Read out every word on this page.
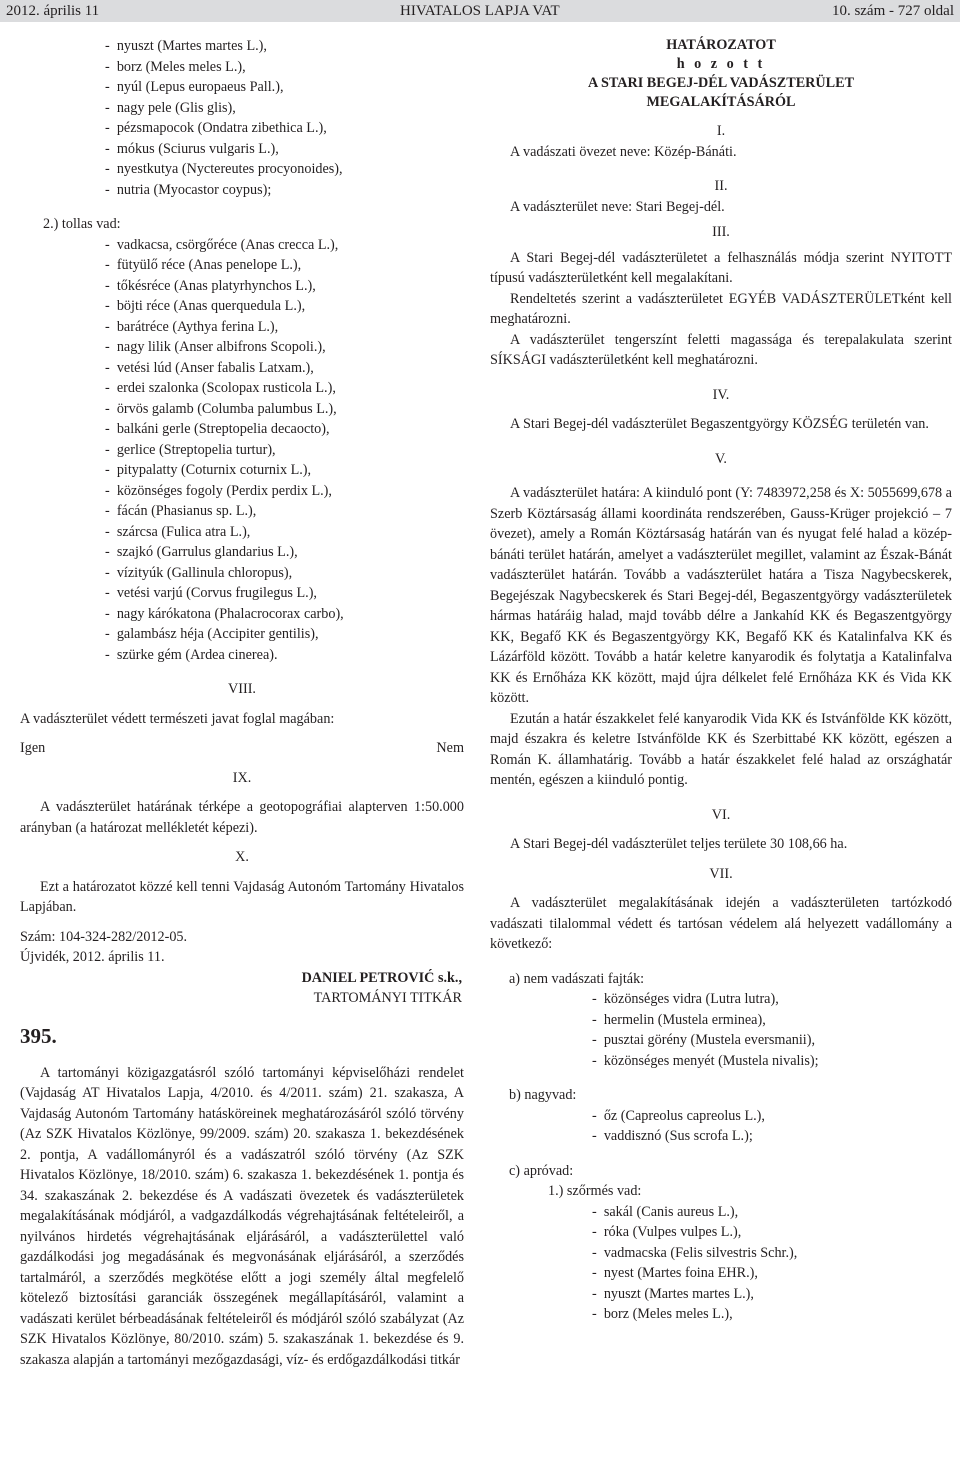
2012. április 11	HIVATALOS LAPJA VAT	10. szám - 727 oldal
-  nyuszt (Martes martes L.),
-  borz (Meles meles L.),
-  nyúl (Lepus europaeus Pall.),
-  nagy pele (Glis glis),
-  pézsmapocok (Ondatra zibethica L.),
-  mókus (Sciurus vulgaris L.),
-  nyestkutya (Nyctereutes procyonoides),
-  nutria (Myocastor coypus);

2.) tollas vad:

-  vadkacsa, csörgőréce (Anas crecca L.),
-  fütyülő réce (Anas penelope L.),
-  tőkésréce (Anas platyrhynchos L.),
-  böjti réce (Anas querquedula L.),
-  barátréce (Aythya ferina L.),
-  nagy lilik (Anser albifrons Scopoli.),
-  vetési lúd (Anser fabalis Latxam.),
-  erdei szalonka (Scolopax rusticola L.),
-  örvös galamb (Columba palumbus L.),
-  balkáni gerle (Streptopelia decaocto),
-  gerlice (Streptopelia turtur),
-  pitypalatty (Coturnix coturnix L.),
-  közönséges fogoly (Perdix perdix L.),
-  fácán (Phasianus sp. L.),
-  szárcsa (Fulica atra L.),
-  szajkó (Garrulus glandarius L.),
-  vízityúk (Gallinula chloropus),
-  vetési varjú (Corvus frugilegus L.),
-  nagy kárókatona (Phalacrocorax carbo),
-  galambász héja (Accipiter gentilis),
-  szürke gém (Ardea cinerea).

VIII.

A vadászterület védett természeti javat foglal magában:

Igen	Nem

IX.

A vadászterület határának térképe a geotopográfiai alapterven 1:50.000 arányban (a határozat mellékletét képezi).

X.

Ezt a határozatot közzé kell tenni Vajdaság Autonóm Tartomány Hivatalos Lapjában.

Szám: 104-324-282/2012-05.

Újvidék, 2012. április 11.

DANIEL PETROVIĆ s.k.,

TARTOMÁNYI TITKÁR

395.

A tartományi közigazgatásról szóló tartományi képviselőházi rendelet (Vajdaság AT Hivatalos Lapja, 4/2010. és 4/2011. szám) 21. szakasza, A Vajdaság Autonóm Tartomány hatásköreinek meghatározásáról szóló törvény (Az SZK Hivatalos Közlönye, 99/2009. szám) 20. szakasza 1. bekezdésének 2. pontja, A vadállományról és a vadászatról szóló törvény (Az SZK Hivatalos Közlönye, 18/2010. szám) 6. szakasza 1. bekezdésének 1. pontja és 34. szakaszának 2. bekezdése és A vadászati övezetek és vadászterületek megalakításának módjáról, a vadgazdálkodás végrehajtásának feltételeiről, a nyilvános hirdetés végrehajtásának eljárásáról, a vadászterülettel való gazdálkodási jog megadásának és megvonásának eljárásáról, a szerződés tartalmáról, a szerződés megkötése előtt a jogi személy által megfelelő kötelező biztosítási garanciák összegének megállapításáról, valamint a vadászati kerület bérbeadásának feltételeiről és módjáról szóló szabályzat (Az SZK Hivatalos Közlönye, 80/2010. szám) 5. szakaszának 1. bekezdése és 9. szakasza alapján a tartományi mezőgazdasági, víz- és erdőgazdálkodási titkár

HATÁROZATOT

h o z o t t

A STARI BEGEJ-DÉL VADÁSZTERÜLET

MEGALAKÍTÁSÁRÓL

I.

A vadászati övezet neve: Közép-Bánáti.

II.

A vadászterület neve: Stari Begej-dél.

III.

A Stari Begej-dél vadászterületet a felhasználás módja szerint NYITOTT típusú vadászterületként kell megalakítani.

Rendeltetés szerint a vadászterületet EGYÉB VADÁSZTERÜLETként kell meghatározni.

A vadászterület tengerszínt feletti magassága és terepalakulata szerint SÍKSÁGI vadászterületként kell meghatározni.

IV.

A Stari Begej-dél vadászterület Begaszentgyörgy KÖZSÉG területén van.

V.

A vadászterület határa: A kiinduló pont (Y: 7483972,258 és X: 5055699,678 a Szerb Köztársaság állami koordináta rendszerében, Gauss-Krüger projekció – 7 övezet), amely a Román Köztársaság határán van és nyugat felé halad a közép-bánáti terület határán, amelyet a vadászterület megillet, valamint az Észak-Bánát vadászterület határán. Tovább a vadászterület határa a Tisza Nagybecskerek, Begejészak Nagybecskerek és Stari Begej-dél, Begaszentgyörgy vadászterületek hármas határáig halad, majd tovább délre a Jankahíd KK és Begaszentgyörgy KK, Begafő KK és Begaszentgyörgy KK, Begafő KK és Katalinfalva KK és Lázárföld között. Tovább a határ keletre kanyarodik és folytatja a Katalinfalva KK és Ernőháza KK között, majd újra délkelet felé Ernőháza KK és Vida KK között.

Ezután a határ északkelet felé kanyarodik Vida KK és Istvánfölde KK között, majd északra és keletre Istvánfölde KK és Szerbittabé KK között, egészen a Román K. államhatárig. Tovább a határ északkelet felé halad az országhatár mentén, egészen a kiinduló pontig.

VI.

A Stari Begej-dél vadászterület teljes területe 30 108,66 ha.

VII.

A vadászterület megalakításának idején a vadászterületen tartózkodó vadászati tilalommal védett és tartósan védelem alá helyezett vadállomány a következő:

a) nem vadászati fajták:

-  közönséges vidra (Lutra lutra),
-  hermelin (Mustela erminea),
-  pusztai görény (Mustela eversmanii),
-  közönséges menyét (Mustela nivalis);

b) nagyvad:

-  őz (Capreolus capreolus L.),
-  vaddisznó (Sus scrofa L.);

c) apróvad:

1.) szőrmés vad:

-  sakál (Canis aureus L.),
-  róka (Vulpes vulpes L.),
-  vadmacska (Felis silvestris Schr.),
-  nyest (Martes foina EHR.),
-  nyuszt (Martes martes L.),
-  borz (Meles meles L.),
